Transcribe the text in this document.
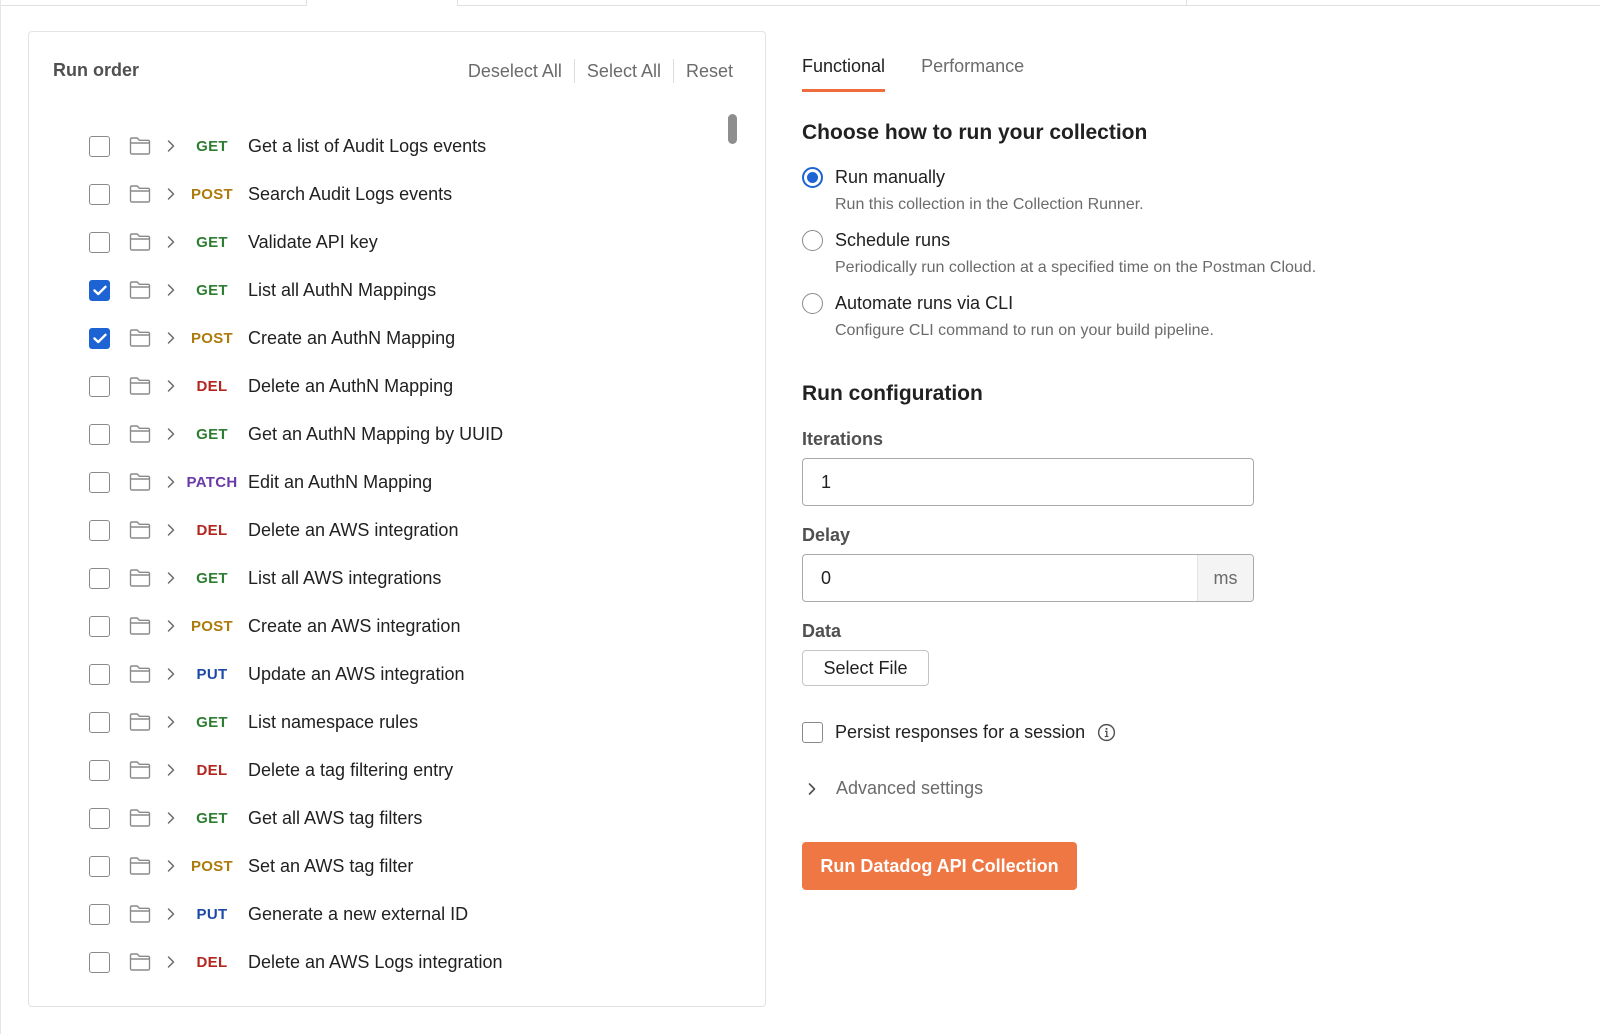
Run order	Deselect All	Select All	Reset
GET	Get a list of Audit Logs events
POST Search Audit Logs events
GET	Validate API key
GET	List all AuthN Mappings
POST Create an AuthN Mapping
DEL	Delete an AuthN Mapping
GET	Get an AuthN Mapping by UUID
PATCH Edit an AuthN Mapping
DEL	Delete an AWS integration
GET	List all AWS integrations
POST Create an AWS integration
PUT	Update an AWS integration
GET	List namespace rules
DEL	Delete a tag filtering entry
GET	Get all AWS tag filters
POST Set an AWS tag filter
PUT	Generate a new external ID
DEL	Delete an AWS Logs integration
Functional Performance
Choose how to run your collection
Run manually
Run this collection in the Collection Runner.
Schedule runs
Periodically run collection at a specified time on the Postman Cloud.
Automate runs via CLI
Configure CLI command to run on your build pipeline.
Run configuration
Iterations
1
Delay
0	ms
Data
Select File
Persist responses for a session
Advanced settings
Run Datadog API Collection
